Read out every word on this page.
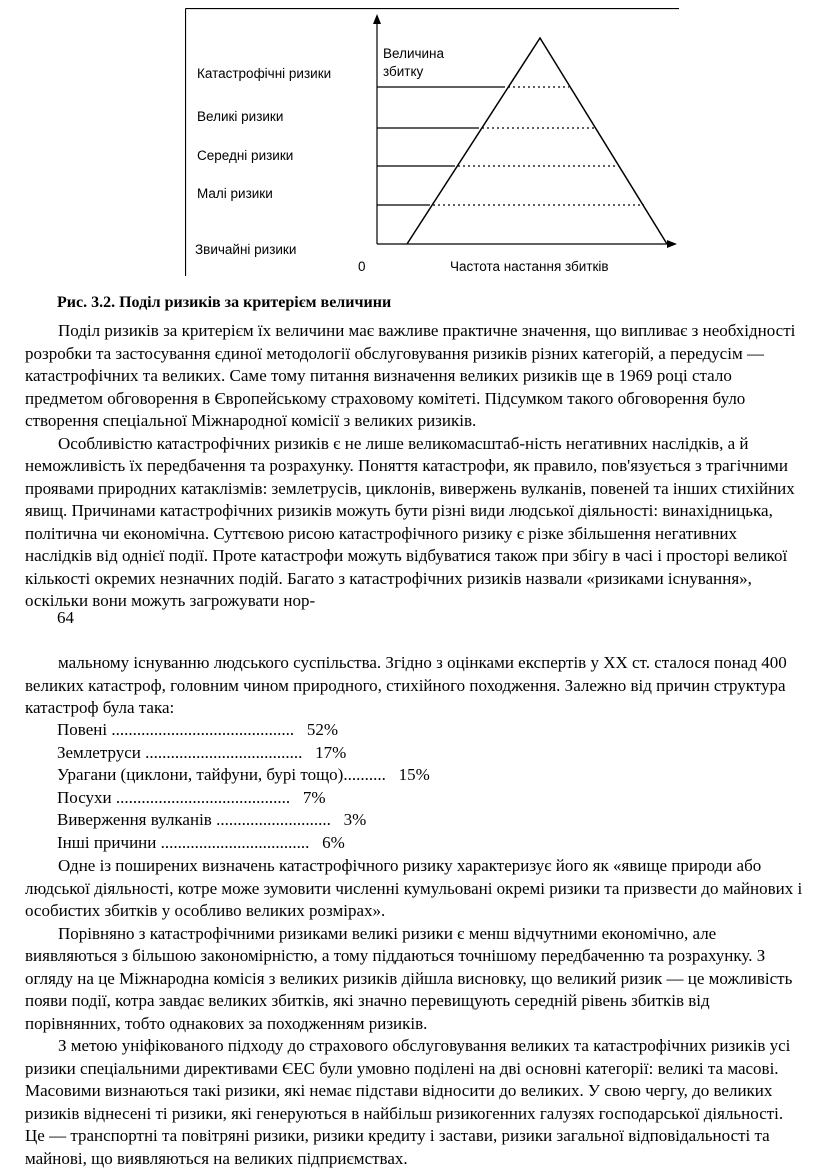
Катастрофічні ризики
Великі ризики
Середні ризики
Малі ризики
Звичайні ризики
Величина
збитку
0	Частота настання збитків
Рис. 3.2. Поділ ризиків за критерієм величини

Поділ ризиків за критерієм їх величини має важливе практичне значення, що випливає з необхідності розробки та застосування єдиної методології обслуговування ризиків різних категорій, а передусім — катастрофічних та великих. Саме тому питання визначення великих ризиків ще в 1969 році стало предметом обговорення в Європейському страховому комітеті. Підсумком такого обговорення було створення спеціальної Міжнародної комісії з великих ризиків.

Особливістю катастрофічних ризиків є не лише великомасштаб-ність негативних наслідків, а й неможливість їх передбачення та розрахунку. Поняття катастрофи, як правило, пов'язується з трагічними проявами природних катаклізмів: землетрусів, циклонів, вивержень вулканів, повеней та інших стихійних явищ. Причинами катастрофічних ризиків можуть бути різні види людської діяльності: винахідницька, політична чи економічна. Суттєвою рисою катастрофічного ризику є різке збільшення негативних наслідків від однієї події. Проте катастрофи можуть відбуватися також при збігу в часі і просторі великої кількості окремих незначних подій. Багато з катастрофічних ризиків назвали «ризиками існування», оскільки вони можуть загрожувати нор-

64

мальному існуванню людського суспільства. Згідно з оцінками експертів у XX ст. сталося понад 400 великих катастроф, головним чином природного, стихійного походження. Залежно від причин структура катастроф була така:

Повені ........................................... 52%
Землетруси ..................................... 17%
Урагани (циклони, тайфуни, бурі тощо).......... 15%
Посухи ......................................... 7%
Виверження вулканів ........................... 3%
Інші причини ................................... 6%

Одне із поширених визначень катастрофічного ризику характеризує його як «явище природи або людської діяльності, котре може зумовити численні кумульовані окремі ризики та призвести до майнових і особистих збитків у особливо великих розмірах».

Порівняно з катастрофічними ризиками великі ризики є менш відчутними економічно, але виявляються з більшою закономірністю, а тому піддаються точнішому передбаченню та розрахунку. З огляду на це Міжнародна комісія з великих ризиків дійшла висновку, що великий ризик — це можливість появи події, котра завдає великих збитків, які значно перевищують середній рівень збитків від порівнянних, тобто однакових за походженням ризиків.

З метою уніфікованого підходу до страхового обслуговування великих та катастрофічних ризиків усі ризики спеціальними директивами ЄЕС були умовно поділені на дві основні категорії: великі та масові. Масовими визнаються такі ризики, які немає підстави відносити до великих. У свою чергу, до великих ризиків віднесені ті ризики, які генеруються в найбільш ризикогенних галузях господарської діяльності. Це — транспортні та повітряні ризики, ризики кредиту і застави, ризики загальної відповідальності та майнові, що виявляються на великих підприємствах.
